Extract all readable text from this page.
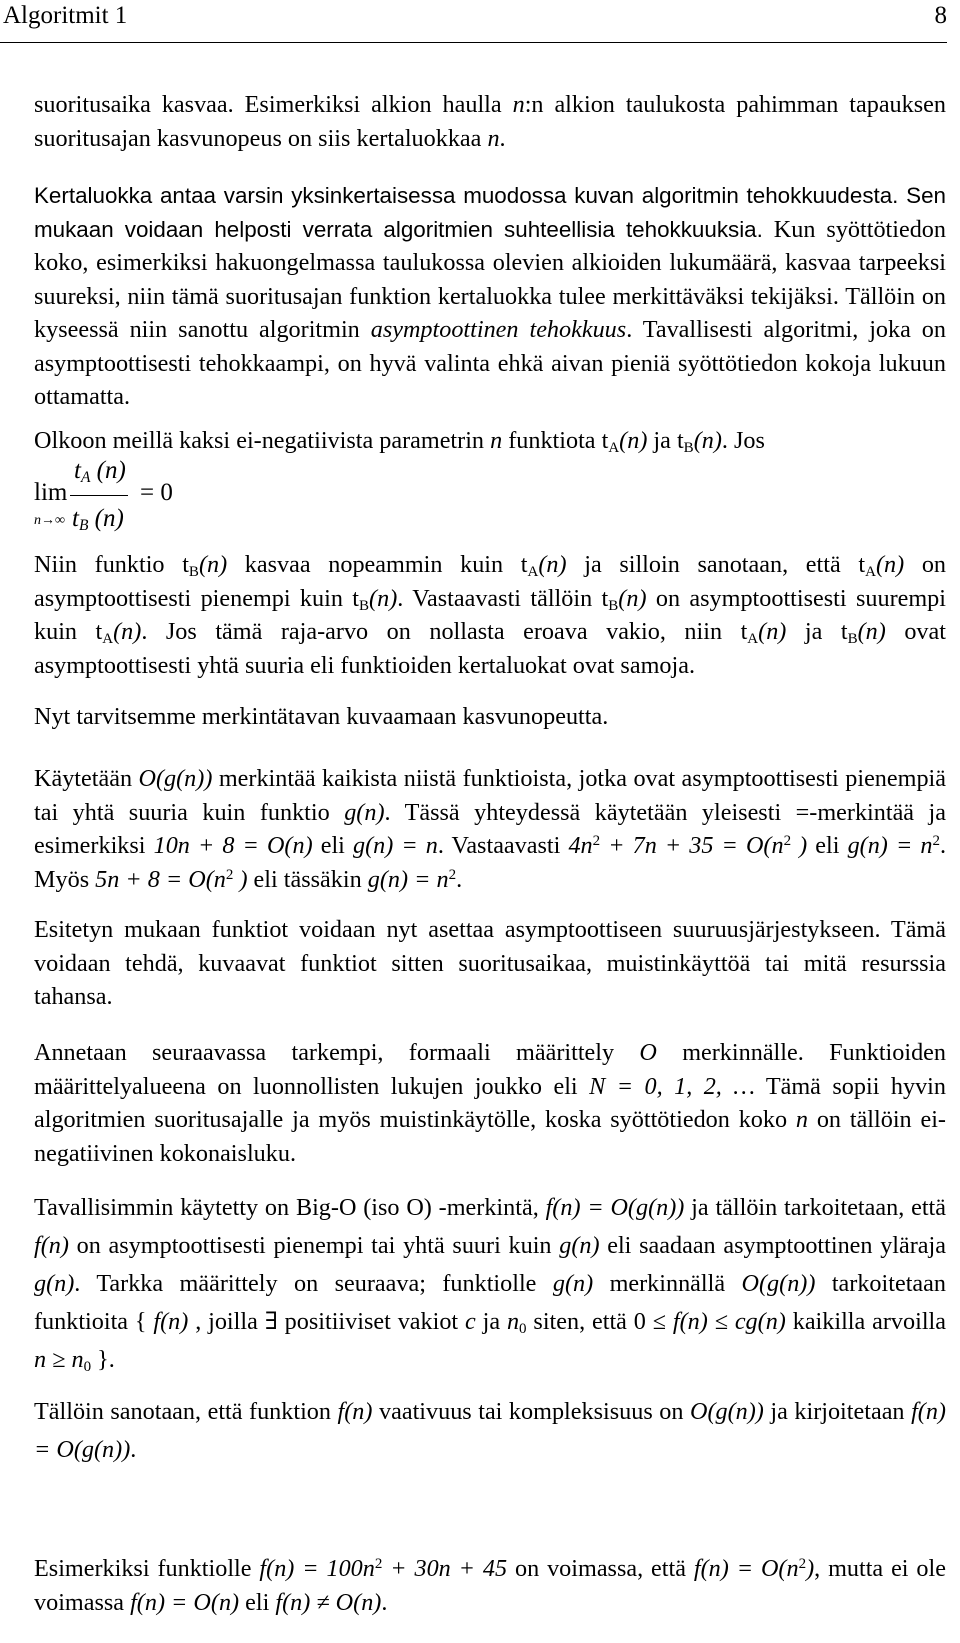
Algoritmit 1	8

suoritusaika kasvaa. Esimerkiksi alkion haulla n:n alkion taulukosta pahimman tapauksen suoritusajan kasvunopeus on siis kertaluokkaa n.

Kertaluokka antaa varsin yksinkertaisessa muodossa kuvan algoritmin tehokkuudesta. Sen mukaan voidaan helposti verrata algoritmien suhteellisia tehokkuuksia. Kun syöttötiedon koko, esimerkiksi hakuongelmassa taulukossa olevien alkioiden lukumäärä, kasvaa tarpeeksi suureksi, niin tämä suoritusajan funktion kertaluokka tulee merkittäväksi tekijäksi. Tällöin on kyseessä niin sanottu algoritmin asymptoottinen tehokkuus. Tavallisesti algoritmi, joka on asymptoottisesti tehokkaampi, on hyvä valinta ehkä aivan pieniä syöttötiedon kokoja lukuun ottamatta.

Olkoon meillä kaksi ei-negatiivista parametrin n funktiota $t_A(n)$ ja $t_B(n)$. Jos

lim
n→∞
$t_A$ (n)
$t_B$ (n)
= 0

Niin funktio $t_B(n)$ kasvaa nopeammin kuin $t_A(n)$ ja silloin sanotaan, että $t_A(n)$ on asymptoottisesti pienempi kuin $t_B(n)$. Vastaavasti tällöin $t_B(n)$ on asymptoottisesti suurempi kuin $t_A(n)$. Jos tämä raja-arvo on nollasta eroava vakio, niin $t_A(n)$ ja $t_B(n)$ ovat asymptoottisesti yhtä suuria eli funktioiden kertaluokat ovat samoja.

Nyt tarvitsemme merkintätavan kuvaamaan kasvunopeutta.

Käytetään O(g(n)) merkintää kaikista niistä funktioista, jotka ovat asymptoottisesti pienempiä tai yhtä suuria kuin funktio g(n). Tässä yhteydessä käytetään yleisesti =-merkintää ja esimerkiksi 10n + 8 = O(n) eli g(n) = n. Vastaavasti $4n^2 + 7n + 35 = O(n^2$ ) eli $g(n) = n^2$. Myös $5n + 8 = O(n^2$ ) eli tässäkin $g(n) = n^2$.

Esitetyn mukaan funktiot voidaan nyt asettaa asymptoottiseen suuruusjärjestykseen. Tämä voidaan tehdä, kuvaavat funktiot sitten suoritusaikaa, muistinkäyttöä tai mitä resurssia tahansa.

Annetaan seuraavassa tarkempi, formaali määrittely O merkinnälle. Funktioiden määrittelyalueena on luonnollisten lukujen joukko eli N = 0, 1, 2, … Tämä sopii hyvin algoritmien suoritusajalle ja myös muistinkäytölle, koska syöttötiedon koko n on tällöin ei-negatiivinen kokonaisluku.

Tavallisimmin käytetty on Big-O (iso O) -merkintä, f(n) = O(g(n)) ja tällöin tarkoitetaan, että f(n) on asymptoottisesti pienempi tai yhtä suuri kuin g(n) eli saadaan asymptoottinen yläraja g(n). Tarkka määrittely on seuraava; funktiolle g(n) merkinnällä O(g(n)) tarkoitetaan funktioita { f(n) , joilla ∃ positiiviset vakiot c ja $n_0$ siten, että 0 ≤ f(n) ≤ cg(n) kaikilla arvoilla $n \ge n_0$ }.

Tällöin sanotaan, että funktion f(n) vaativuus tai kompleksisuus on O(g(n)) ja kirjoitetaan f(n) = O(g(n)).

Esimerkiksi funktiolle $f(n) = 100n^2 + 30n + 45$ on voimassa, että $f(n) = O(n^2)$, mutta ei ole voimassa f(n) = O(n) eli f(n) ≠ O(n).
